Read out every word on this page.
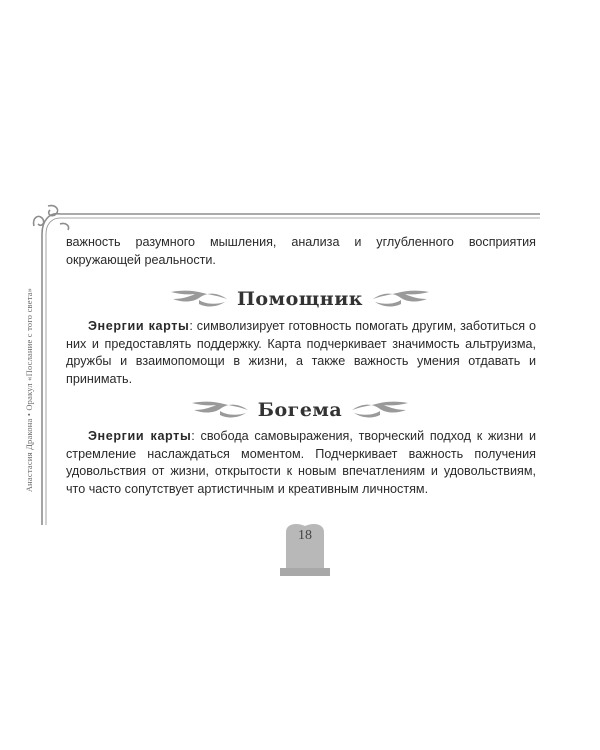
Анастасия Дракона • Оракул «Послание с того света»

важность разумного мышления, анализа и углубленного восприятия окружающей реальности.

Помощник

Энергии карты: символизирует готовность помогать другим, заботиться о них и предоставлять поддержку. Карта подчеркивает значимость альтруизма, дружбы и взаимопомощи в жизни, а также важность умения отдавать и принимать.

Богема

Энергии карты: свобода самовыражения, творческий подход к жизни и стремление наслаждаться моментом. Подчеркивает важность получения удовольствия от жизни, открытости к новым впечатлениям и удовольствиям, что часто сопутствует артистичным и креативным личностям.

18
